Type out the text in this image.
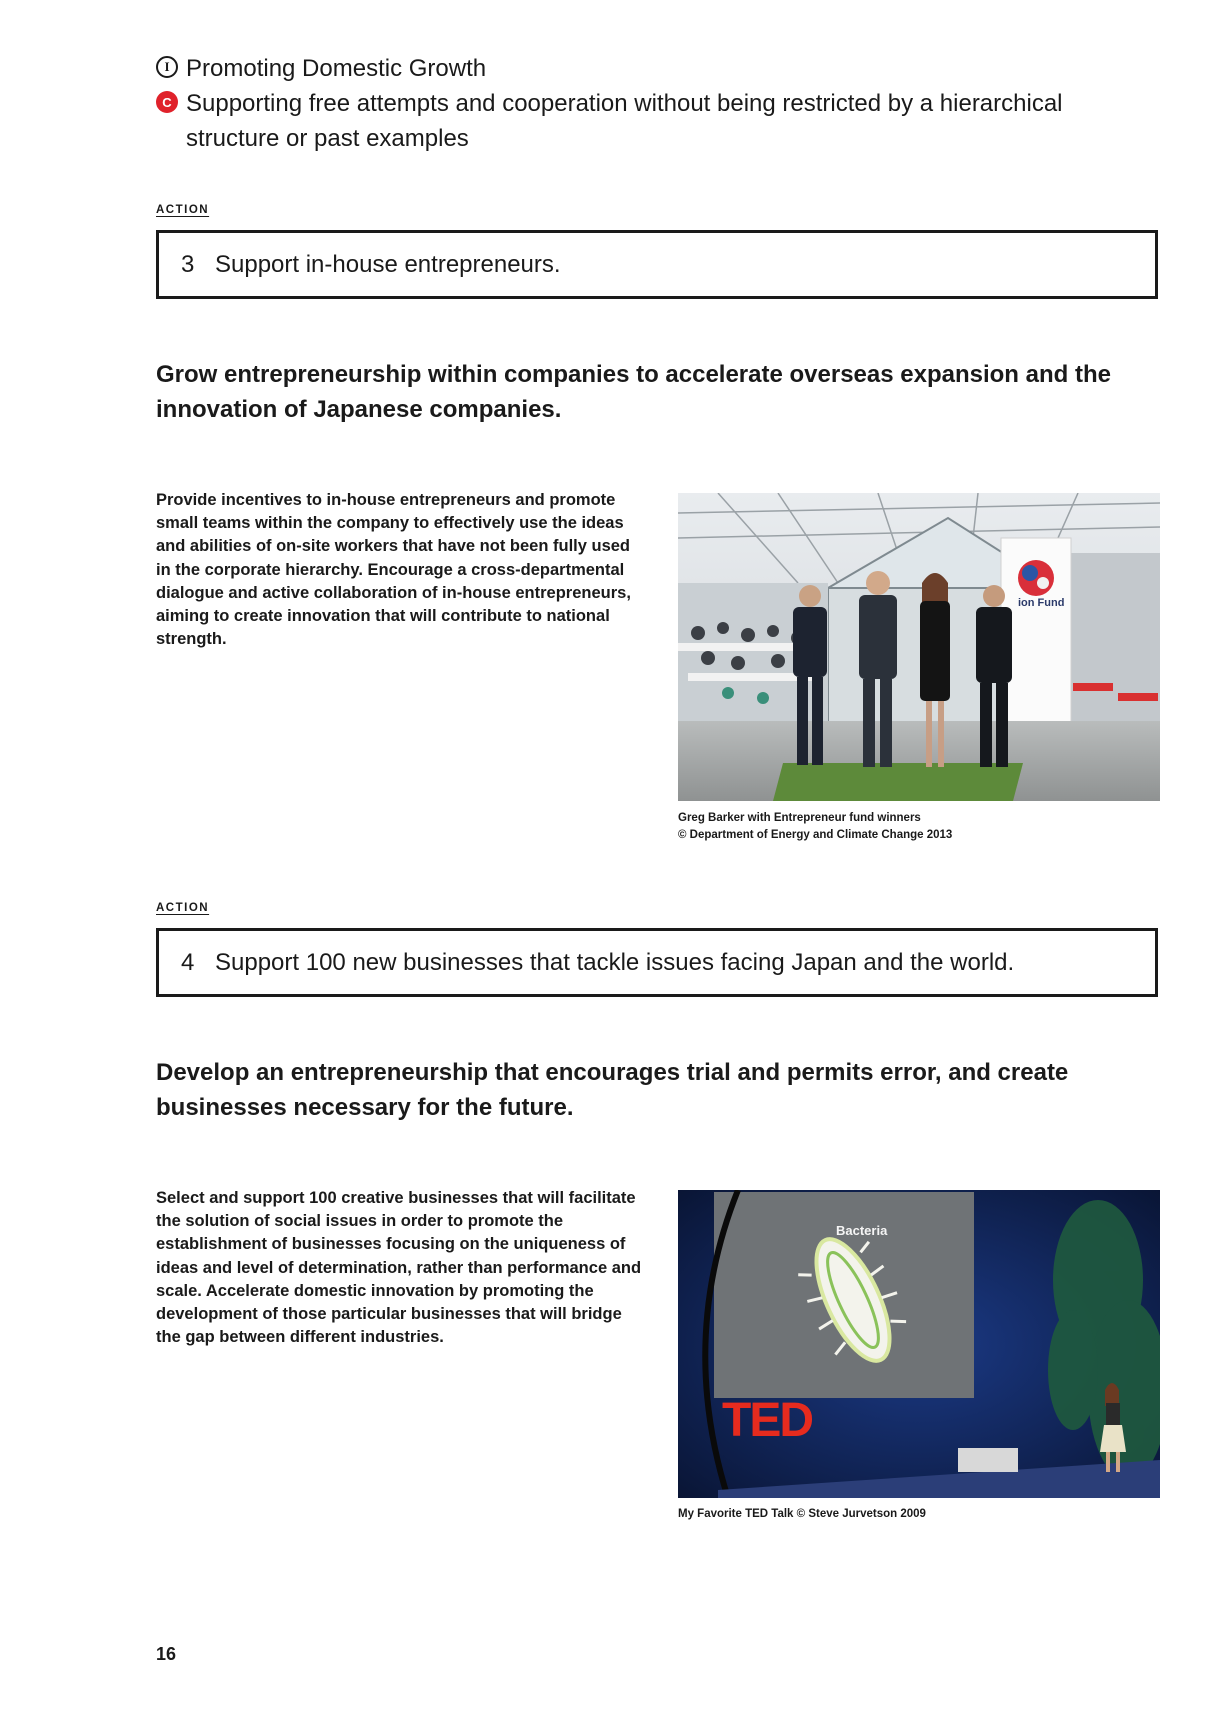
I Promoting Domestic Growth
C Supporting free attempts and cooperation without being restricted by a hierarchical structure or past examples
ACTION
3 Support in-house entrepreneurs.
Grow entrepreneurship within companies to accelerate overseas expansion and the innovation of Japanese companies.
Provide incentives to in-house entrepreneurs and promote small teams within the company to effectively use the ideas and abilities of on-site workers that have not been fully used in the corporate hierarchy. Encourage a cross-departmental dialogue and active collaboration of in-house entrepreneurs, aiming to create innovation that will contribute to national strength.
ion Fund
Greg Barker with Entrepreneur fund winners
© Department of Energy and Climate Change 2013
ACTION
4 Support 100 new businesses that tackle issues facing Japan and the world.
Develop an entrepreneurship that encourages trial and permits error, and create businesses necessary for the future.
Select and support 100 creative businesses that will facilitate the solution of social issues in order to promote the establishment of businesses focusing on the uniqueness of ideas and level of determination, rather than performance and scale. Accelerate domestic innovation by promoting the development of those particular businesses that will bridge the gap between different industries.
Bacteria
TED
My Favorite TED Talk © Steve Jurvetson 2009
16
